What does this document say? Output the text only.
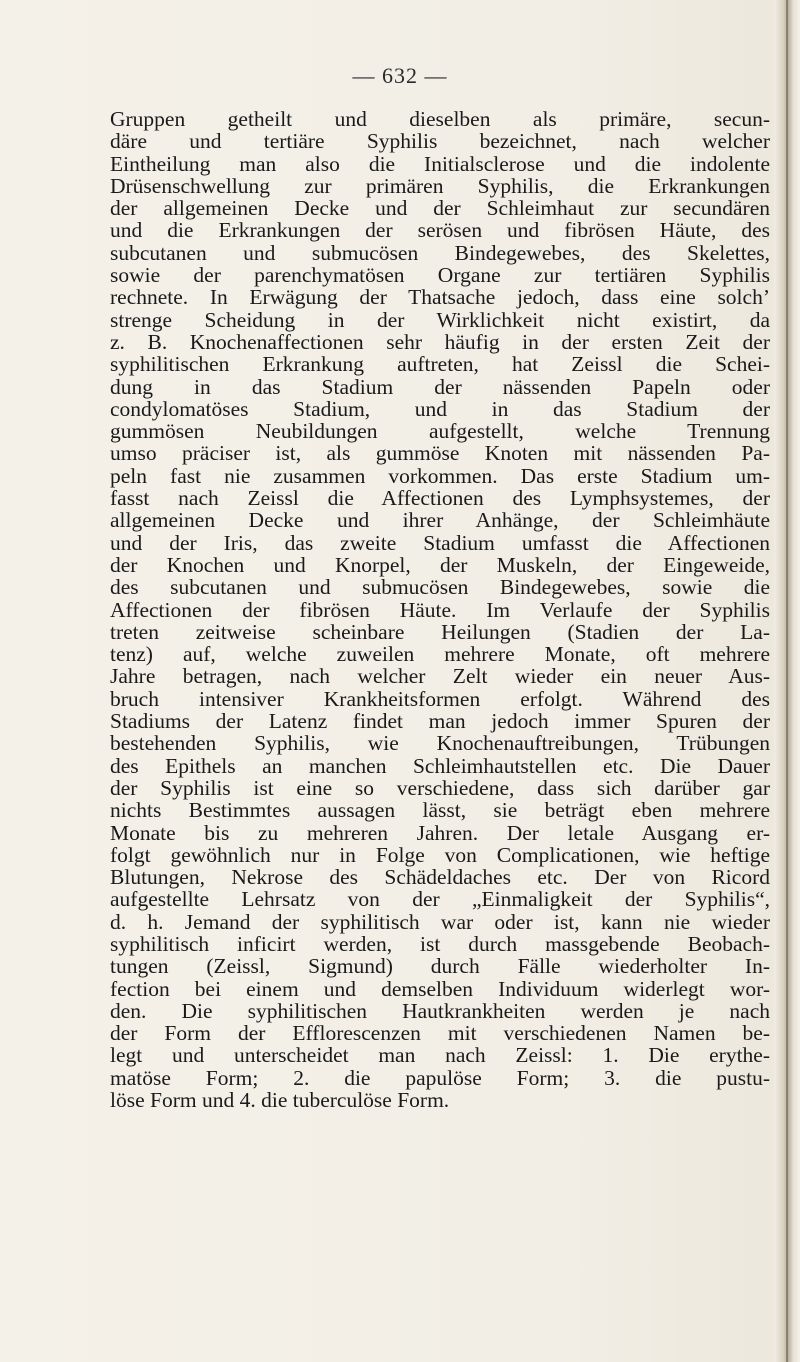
— 632 —
Gruppen getheilt und dieselben als primäre, secun-
däre und tertiäre Syphilis bezeichnet, nach welcher
Eintheilung man also die Initialsclerose und die indolente
Drüsenschwellung zur primären Syphilis, die Erkrankungen
der allgemeinen Decke und der Schleimhaut zur secundären
und die Erkrankungen der serösen und fibrösen Häute, des
subcutanen und submucösen Bindegewebes, des Skelettes,
sowie der parenchymatösen Organe zur tertiären Syphilis
rechnete. In Erwägung der Thatsache jedoch, dass eine solch’
strenge Scheidung in der Wirklichkeit nicht existirt, da
z. B. Knochenaffectionen sehr häufig in der ersten Zeit der
syphilitischen Erkrankung auftreten, hat Zeissl die Schei-
dung in das Stadium der nässenden Papeln oder
condylomatöses Stadium, und in das Stadium der
gummösen Neubildungen aufgestellt, welche Trennung
umso präciser ist, als gummöse Knoten mit nässenden Pa-
peln fast nie zusammen vorkommen. Das erste Stadium um-
fasst nach Zeissl die Affectionen des Lymphsystemes, der
allgemeinen Decke und ihrer Anhänge, der Schleimhäute
und der Iris, das zweite Stadium umfasst die Affectionen
der Knochen und Knorpel, der Muskeln, der Eingeweide,
des subcutanen und submucösen Bindegewebes, sowie die
Affectionen der fibrösen Häute. Im Verlaufe der Syphilis
treten zeitweise scheinbare Heilungen (Stadien der La-
tenz) auf, welche zuweilen mehrere Monate, oft mehrere
Jahre betragen, nach welcher Zelt wieder ein neuer Aus-
bruch intensiver Krankheitsformen erfolgt. Während des
Stadiums der Latenz findet man jedoch immer Spuren der
bestehenden Syphilis, wie Knochenauftreibungen, Trübungen
des Epithels an manchen Schleimhautstellen etc. Die Dauer
der Syphilis ist eine so verschiedene, dass sich darüber gar
nichts Bestimmtes aussagen lässt, sie beträgt eben mehrere
Monate bis zu mehreren Jahren. Der letale Ausgang er-
folgt gewöhnlich nur in Folge von Complicationen, wie heftige
Blutungen, Nekrose des Schädeldaches etc. Der von Ricord
aufgestellte Lehrsatz von der „Einmaligkeit der Syphilis“,
d. h. Jemand der syphilitisch war oder ist, kann nie wieder
syphilitisch inficirt werden, ist durch massgebende Beobach-
tungen (Zeissl, Sigmund) durch Fälle wiederholter In-
fection bei einem und demselben Individuum widerlegt wor-
den. Die syphilitischen Hautkrankheiten werden je nach
der Form der Efflorescenzen mit verschiedenen Namen be-
legt und unterscheidet man nach Zeissl: 1. Die erythe-
matöse Form; 2. die papulöse Form; 3. die pustu-
löse Form und 4. die tuberculöse Form.
